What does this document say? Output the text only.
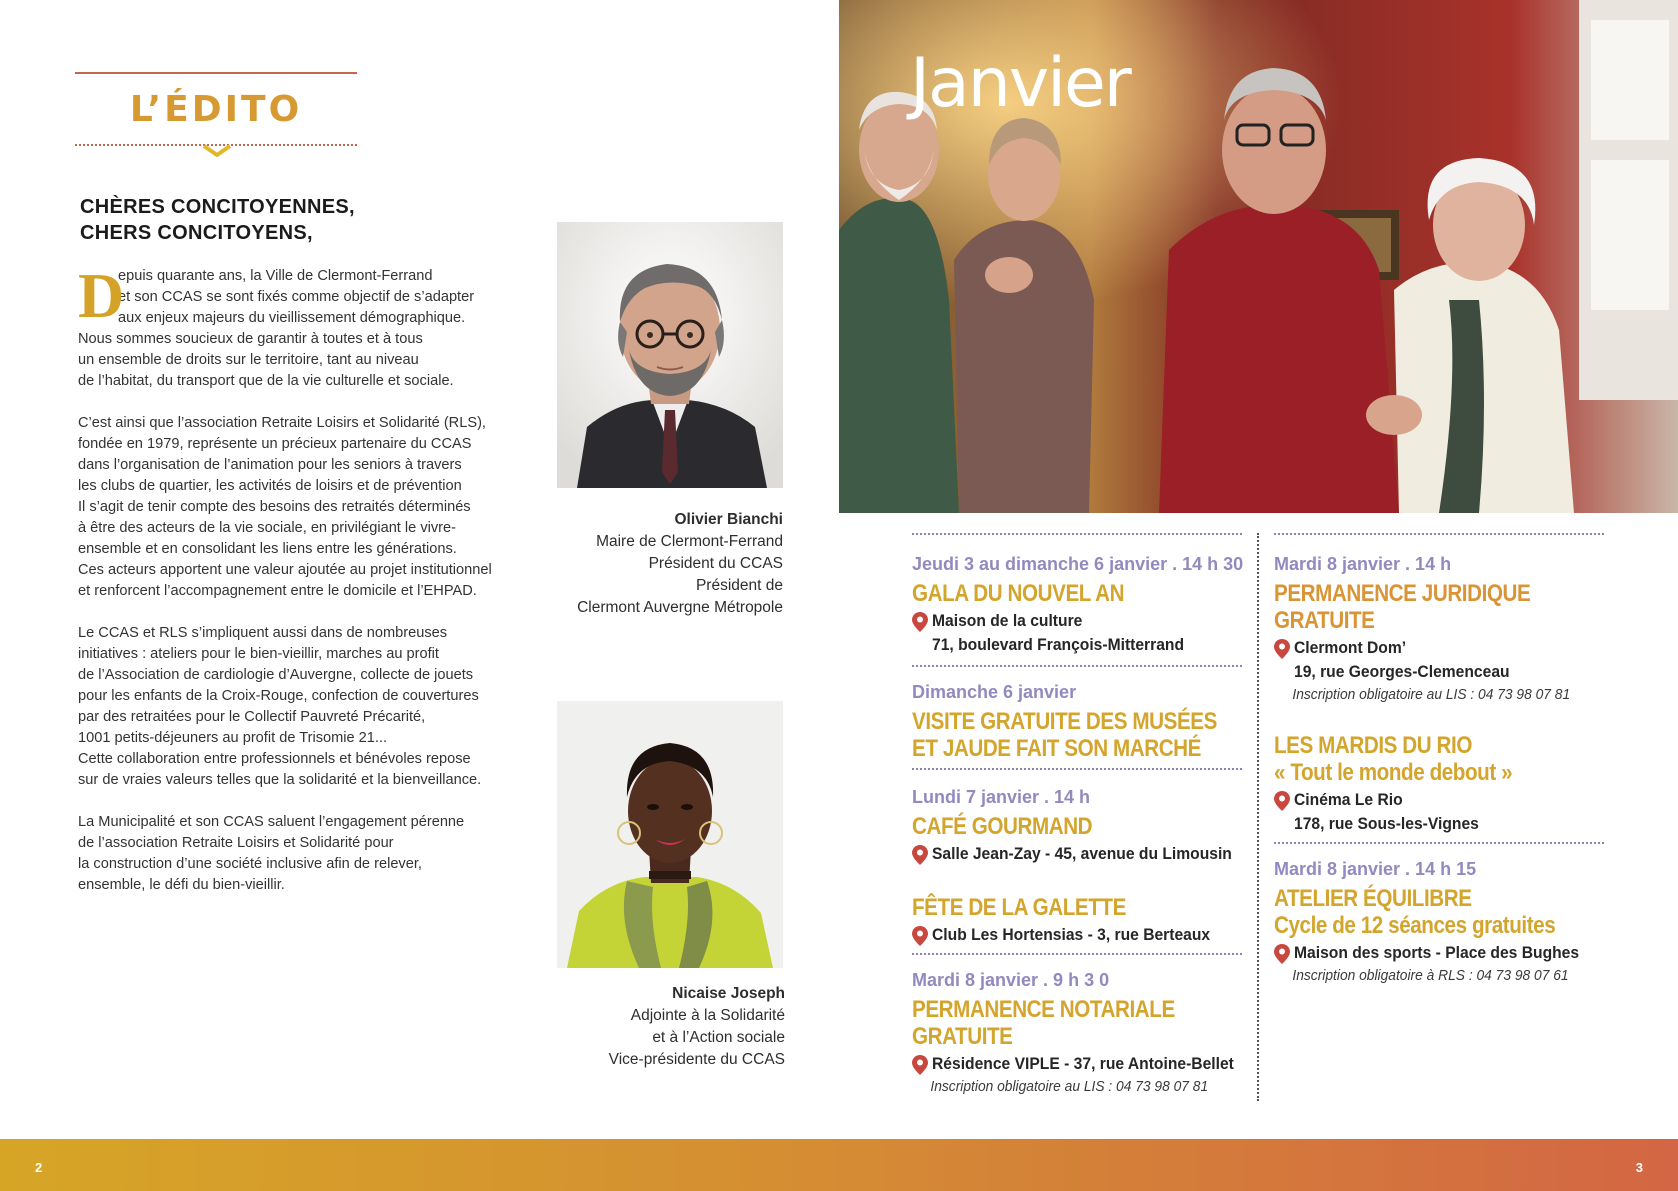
L’ÉDITO
CHÈRES CONCITOYENNES,
CHERS CONCITOYENS,
D
epuis quarante ans, la Ville de Clermont-Ferrand
et son CCAS se sont fixés comme objectif de s’adapter
aux enjeux majeurs du vieillissement démographique.
Nous sommes soucieux de garantir à toutes et à tous
un ensemble de droits sur le territoire, tant au niveau
de l’habitat, du transport que de la vie culturelle et sociale.
C’est ainsi que l’association Retraite Loisirs et Solidarité (RLS),
fondée en 1979, représente un précieux partenaire du CCAS
dans l’organisation de l’animation pour les seniors à travers
les clubs de quartier, les activités de loisirs et de prévention
Il s’agit de tenir compte des besoins des retraités déterminés
à être des acteurs de la vie sociale, en privilégiant le vivre-
ensemble et en consolidant les liens entre les générations.
Ces acteurs apportent une valeur ajoutée au projet institutionnel
et renforcent l’accompagnement entre le domicile et l’EHPAD.
Le CCAS et RLS s’impliquent aussi dans de nombreuses
initiatives : ateliers pour le bien-vieillir, marches au profit
de l’Association de cardiologie d’Auvergne, collecte de jouets
pour les enfants de la Croix-Rouge, confection de couvertures
par des retraitées pour le Collectif Pauvreté Précarité,
1001 petits-déjeuners au profit de Trisomie 21...
Cette collaboration entre professionnels et bénévoles repose
sur de vraies valeurs telles que la solidarité et la bienveillance.
La Municipalité et son CCAS saluent l’engagement pérenne
de l’association Retraite Loisirs et Solidarité pour
la construction d’une société inclusive afin de relever,
ensemble, le défi du bien-vieillir.
Olivier Bianchi
Maire de Clermont-Ferrand
Président du CCAS
Président de
Clermont Auvergne Métropole
Nicaise Joseph
Adjointe à la Solidarité
et à l’Action sociale
Vice-présidente du CCAS
Janvier
Jeudi 3 au dimanche 6 janvier . 14 h 30
GALA DU NOUVEL AN
Maison de la culture
71, boulevard François-Mitterrand
Dimanche 6 janvier
VISITE GRATUITE DES MUSÉES
ET JAUDE FAIT SON MARCHÉ
Lundi 7 janvier . 14 h
CAFÉ GOURMAND
Salle Jean-Zay - 45, avenue du Limousin
FÊTE DE LA GALETTE
Club Les Hortensias - 3, rue Berteaux
Mardi 8 janvier . 9 h 3 0
PERMANENCE NOTARIALE
GRATUITE
Résidence VIPLE - 37, rue Antoine-Bellet
Inscription obligatoire au LIS : 04 73 98 07 81
Mardi 8 janvier . 14 h
PERMANENCE JURIDIQUE
GRATUITE
Clermont Dom’
19, rue Georges-Clemenceau
Inscription obligatoire au LIS : 04 73 98 07 81
LES MARDIS DU RIO
« Tout le monde debout »
Cinéma Le Rio
178, rue Sous-les-Vignes
Mardi 8 janvier . 14 h 15
ATELIER ÉQUILIBRE
Cycle de 12 séances gratuites
Maison des sports - Place des Bughes
Inscription obligatoire à RLS : 04 73 98 07 61
2	3
